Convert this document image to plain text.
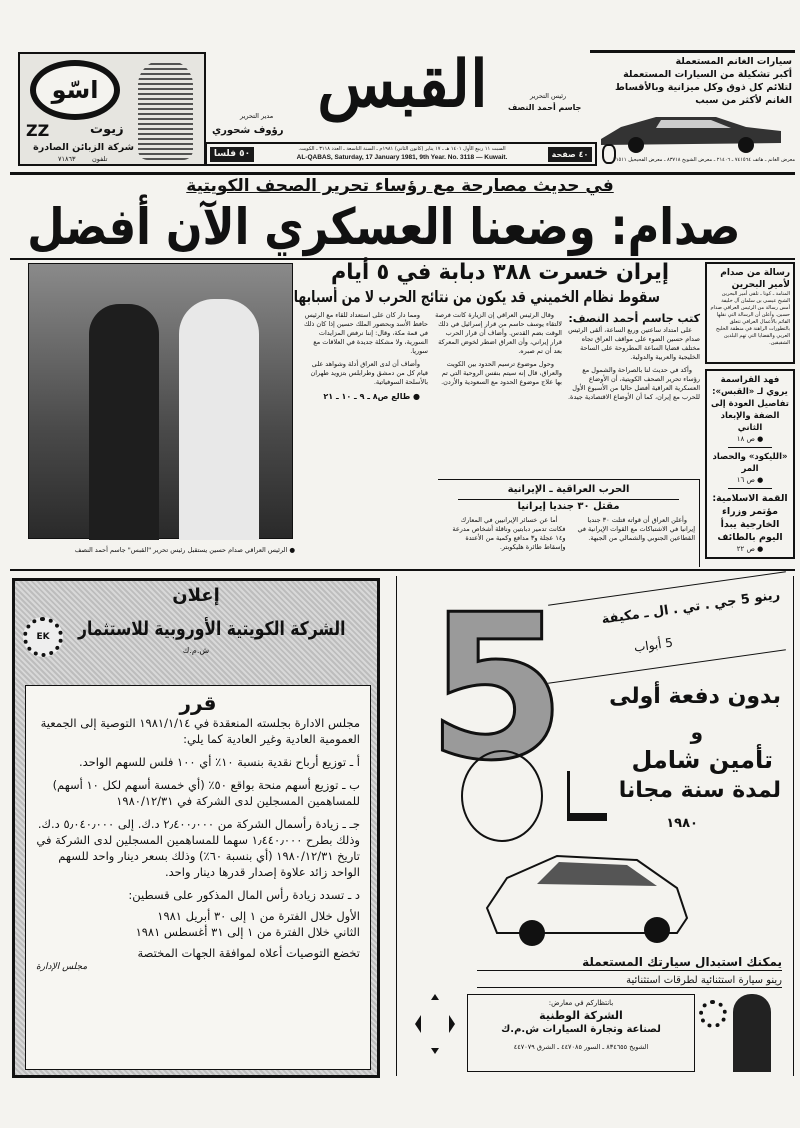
اسّو
زيوت
ZZ
شركة الزبائن الصادرة
تلفون
٧١٨٦٣
مدير التحرير
رؤوف شحوري
القبس	رئيس التحرير
جاسم أحمد النصف
سيارات الغانم المستعملة
أكبر تشكيلة من السيارات المستعملة
لتلائم كل ذوق وكل ميزانية وبالأقساط
الغانم لأكثر من سبب
معرض الغانم ـ هاتف ٧٤١٥٦٤ ـ ٢١٤٠٦ ـ معرض الشويخ ٨٣٧١٨ ـ معرض الفحيحيل ٧١٥١١
٥٠ فلسا	٤٠ صفحة
السبت ١١ ربيع الأول ١٤٠١ هـ ـ ١٧ يناير (كانون الثاني) ١٩٨١م ـ السنة التاسعة ـ العدد ٣١١٨ ـ الكويت.
AL-QABAS, Saturday, 17 January 1981, 9th Year. No. 3118 — Kuwait.
في حديث مصارحة مع رؤساء تحرير الصحف الكويتية
صدام: وضعنا العسكري الآن أفضل
● الرئيس العراقي صدام حسين يستقبل رئيس تحرير "القبس" جاسم أحمد النصف
إيران خسرت ٣٨٨ دبابة في ٥ أيام
سقوط نظام الخميني قد يكون من نتائج الحرب لا من أسبابها
كتب جاسم أحمد النصف:

على امتداد ساعتين وربع الساعة، ألقى الرئيس صدام حسين الضوء على مواقف العراق تجاه مختلف قضايا الساعة المطروحة على الساحة الخليجية والعربية والدولية.

وأكد في حديث لنا بالصراحة والشمول مع رؤساء تحرير الصحف الكويتية، أن الأوضاع العسكرية العراقية أفضل حاليا من الأسبوع الأول للحرب مع إيران، كما أن الأوضاع الاقتصادية جيدة.

وقال الرئيس العراقي إن الزيارة كانت فرصة لالتقاء يوسف حاسم من قرار إسرائيل في ذلك الوقت بضم القدس. وأضاف أن قرار الحرب قرار إيراني، وأن العراق اضطر لخوض المعركة بعد أن تم صبره.

وحول موضوع ترسيم الحدود بين الكويت والعراق، قال إنه سيتم بنفس الروحية التي تم بها علاج موضوع الحدود مع السعودية والأردن.

ومما دار كان على استعداد للقاء مع الرئيس حافظ الأسد وبحضور الملك حسين إذا كان ذلك في قمة مكة، وقال: إننا نرفض المزايدات السورية، ولا مشكلة جديدة في العلاقات مع سوريا.

وأضاف أن لدى العراق أدلة وشواهد على قيام كل من دمشق وطرابلس بتزويد طهران بالأسلحة السوفياتية.

● طالع ص٨ ـ ٩ ـ ١٠ ـ ٢١

الحرب العراقية ـ الإيرانية
مقتل ٣٠ جنديا إيرانيا

وأعلن العراق أن قواته قتلت ٣٠ جنديا إيرانيا في الاشتباكات مع القوات الإيرانية في القطاعين الجنوبي والشمالي من الجبهة.

أما عن خسائر الإيرانيين في المعارك فكانت تدمير دبابتين وناقلة أشخاص مدرعة و١٤ عجلة و٣ مدافع وكمية من الأعتدة وإسقاط طائرة هليكوبتر.

رسالة من صدام لأمير البحرين
المنامة ـ كونا ـ تلقى أمير البحرين الشيخ عيسى بن سلمان آل خليفة أمس رسالة من الرئيس العراقي صدام حسين. وأعلن أن الرسالة التي نقلها القائم بالأعمال العراقي تتعلق بالتطورات الراهنة في منطقة الخليج العربي والقضايا التي تهم البلدين الشقيقين.
فهد القراسمة يروي لـ «القبس»: تفاصيل العودة إلى الضفة والإبعاد الثاني
● ص ١٨
«الليكود» والحصاد المر
● ص ١٦
القمة الاسلامية: مؤتمر وزراء الخارجية يبدأ اليوم بالطائف
● ص ٢٢
إعلان
EK	الشركة الكويتية الأوروبية للاستثمار
ش.م.ك
قرر

مجلس الادارة بجلسته المنعقدة في ١٩٨١/١/١٤ التوصية إلى الجمعية العمومية العادية وغير العادية كما يلي:

أ ـ توزيع أرباح نقدية بنسبة ١٠٪ أي ١٠٠ فلس للسهم الواحد.

ب ـ توزيع أسهم منحة بواقع ٥٠٪ (أي خمسة أسهم لكل ١٠ أسهم) للمساهمين المسجلين لدى الشركة في ١٩٨٠/١٢/٣١

جـ ـ زيادة رأسمال الشركة من ٢٫٤٠٠٫٠٠٠ د.ك. إلى ٥٫٠٤٠٫٠٠٠ د.ك. وذلك بطرح ١٫٤٤٠٫٠٠٠ سهما للمساهمين المسجلين لدى الشركة في تاريخ ١٩٨٠/١٢/٣١ (أي بنسبة ٦٠٪) وذلك بسعر دينار واحد للسهم الواحد زائد علاوة إصدار قدرها دينار واحد.

د ـ تسدد زيادة رأس المال المذكور على قسطين:

الأول خلال الفترة من ١ إلى ٣٠ أبريل ١٩٨١

الثاني خلال الفترة من ١ إلى ٣١ أغسطس ١٩٨١

تخضع التوصيات أعلاه لموافقة الجهات المختصة

مجلس الإدارة

5	رينو 5 جي . تي . ال ـ مكيفة
5 أبواب
بدون دفعة أولى
و
تأمين شامل
لمدة سنة مجانا
١٩٨٠
يمكنك استبدال سيارتك المستعملة
رينو سيارة استثنائية لطرقات استثنائية
بانتظاركم في معارض:
الشركة الوطنية
لصناعة وتجارة السيارات ش.م.ك
الشويخ ٨٣٤٦٥٥ ـ السور ٤٤٧٠٨٥ ـ الشرق ٤٤٧٠٧٩
